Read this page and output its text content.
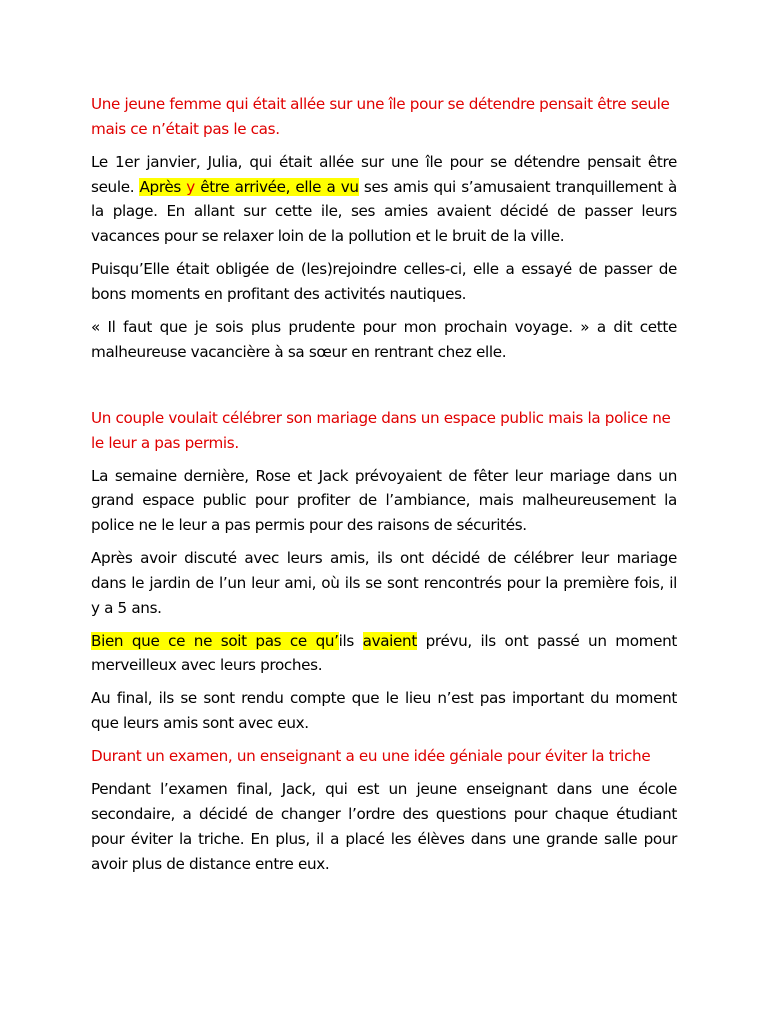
Une jeune femme qui était allée sur une île pour se détendre pensait être seule mais ce n’était pas le cas.

Le 1er janvier, Julia, qui était allée sur une île pour se détendre pensait être seule. Après y être arrivée, elle a vu ses amis qui s’amusaient tranquillement à la plage. En allant sur cette ile, ses amies avaient décidé de passer leurs vacances pour se relaxer loin de la pollution et le bruit de la ville.

Puisqu’Elle était obligée de (les)rejoindre celles-ci, elle a essayé de passer de bons moments en profitant des activités nautiques.

« Il faut que je sois plus prudente pour mon prochain voyage. » a dit cette malheureuse vacancière à sa sœur en rentrant chez elle.

Un couple voulait célébrer son mariage dans un espace public mais la police ne le leur a pas permis.

La semaine dernière, Rose et Jack prévoyaient de fêter leur mariage dans un grand espace public pour profiter de l’ambiance, mais malheureusement la police ne le leur a pas permis pour des raisons de sécurités.

Après avoir discuté avec leurs amis, ils ont décidé de célébrer leur mariage dans le jardin de l’un leur ami, où ils se sont rencontrés pour la première fois, il y a 5 ans.

Bien que ce ne soit pas ce qu’ils avaient prévu, ils ont passé un moment merveilleux avec leurs proches.

Au final, ils se sont rendu compte que le lieu n’est pas important du moment que leurs amis sont avec eux.

Durant un examen, un enseignant a eu une idée géniale pour éviter la triche

Pendant l’examen final, Jack, qui est un jeune enseignant dans une école secondaire, a décidé de changer l’ordre des questions pour chaque étudiant pour éviter la triche. En plus, il a placé les élèves dans une grande salle pour avoir plus de distance entre eux.
